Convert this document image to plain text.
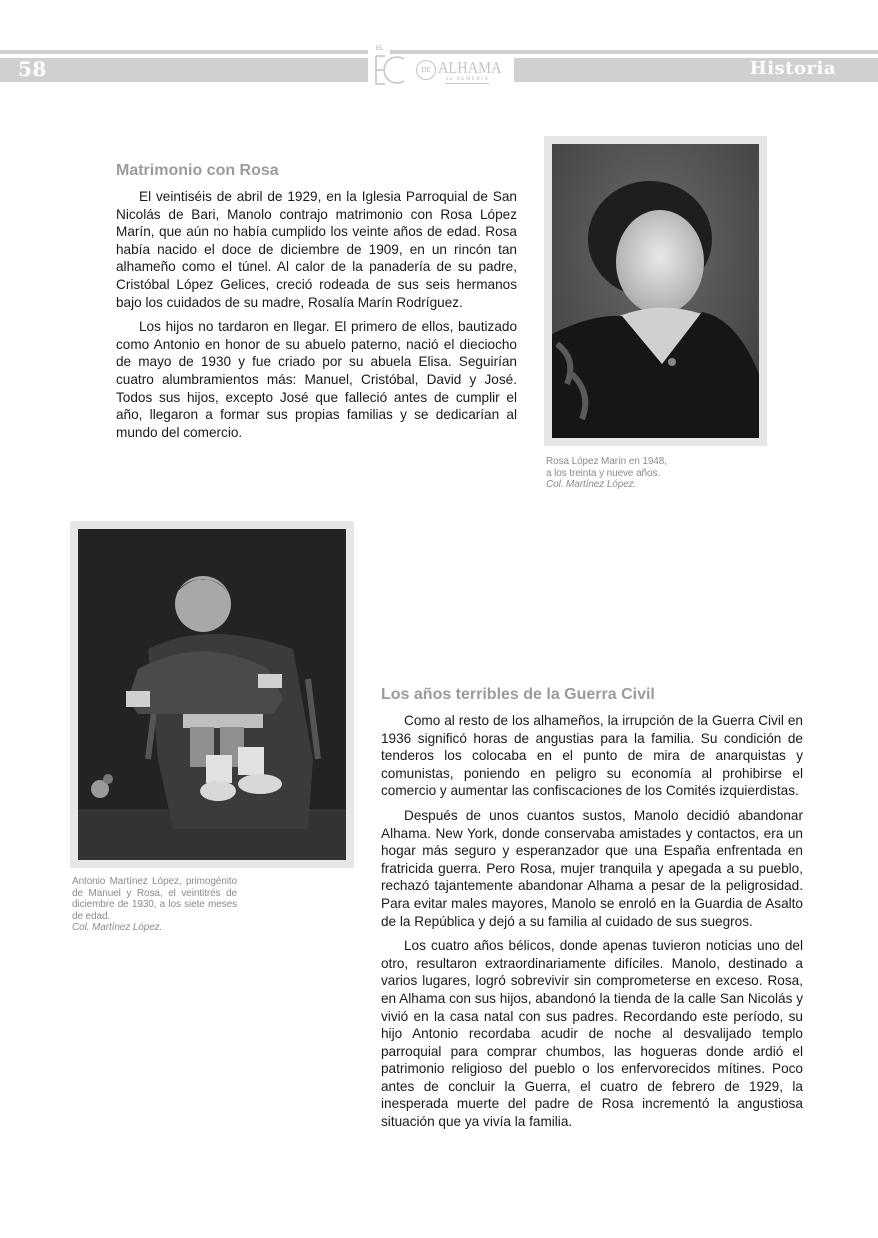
58	Historia
EL
DE ALHAMA
de ALMERIA
Matrimonio con Rosa

El veintiséis de abril de 1929, en la Iglesia Parroquial de San Nicolás de Bari, Manolo contrajo matrimonio con Rosa López Marín, que aún no había cumplido los veinte años de edad. Rosa había nacido el doce de diciembre de 1909, en un rincón tan alhameño como el túnel. Al calor de la panadería de su padre, Cristóbal López Gelices, creció rodeada de sus seis hermanos bajo los cuidados de su madre, Rosalía Marín Rodríguez.

Los hijos no tardaron en llegar. El primero de ellos, bautizado como Antonio en honor de su abuelo paterno, nació el dieciocho de mayo de 1930 y fue criado por su abuela Elisa. Seguirían cuatro alumbramientos más: Manuel, Cristóbal, David y José. Todos sus hijos, excepto José que falleció antes de cumplir el año, llegaron a formar sus propias familias y se dedicarían al mundo del comercio.

Rosa López Marín en 1948,
a los treinta y nueve años.
Col. Martínez López.
Antonio Martínez López, primogénito de Manuel y Rosa, el veintitrés de diciembre de 1930, a los siete meses de edad.
Col. Martínez López.
Los años terribles de la Guerra Civil

Como al resto de los alhameños, la irrupción de la Guerra Civil en 1936 significó horas de angustias para la familia. Su condición de tenderos los colocaba en el punto de mira de anarquistas y comunistas, poniendo en peligro su economía al prohibirse el comercio y aumentar las confiscaciones de los Comités izquierdistas.

Después de unos cuantos sustos, Manolo decidió abandonar Alhama. New York, donde conservaba amistades y contactos, era un hogar más seguro y esperanzador que una España enfrentada en fratricida guerra. Pero Rosa, mujer tranquila y apegada a su pueblo, rechazó tajantemente abandonar Alhama a pesar de la peligrosidad. Para evitar males mayores, Manolo se enroló en la Guardia de Asalto de la República y dejó a su familia al cuidado de sus suegros.

Los cuatro años bélicos, donde apenas tuvieron noticias uno del otro, resultaron extraordinariamente difíciles. Manolo, destinado a varios lugares, logró sobrevivir sin comprometerse en exceso. Rosa, en Alhama con sus hijos, abandonó la tienda de la calle San Nicolás y vivió en la casa natal con sus padres. Recordando este período, su hijo Antonio recordaba acudir de noche al desvalijado templo parroquial para comprar chumbos, las hogueras donde ardió el patrimonio religioso del pueblo o los enfervorecidos mítines. Poco antes de concluir la Guerra, el cuatro de febrero de 1929, la inesperada muerte del padre de Rosa incrementó la angustiosa situación que ya vivía la familia.
